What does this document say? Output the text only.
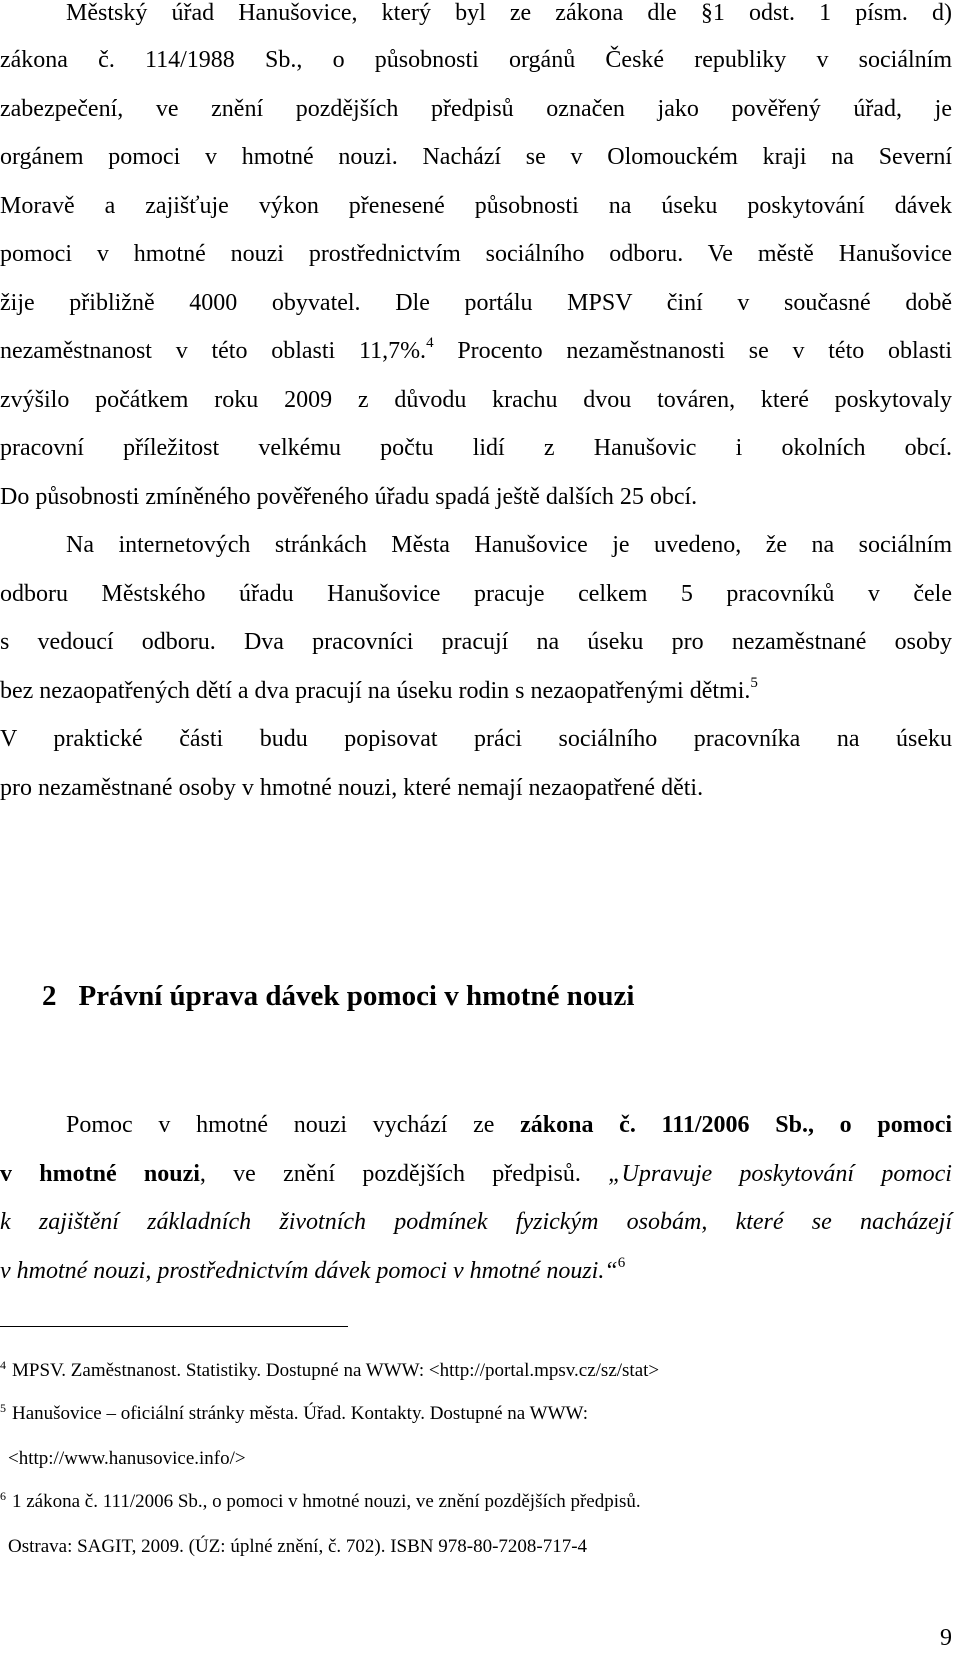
Městský úřad Hanušovice, který byl ze zákona dle §1 odst. 1 písm. d)
zákona č. 114/1988 Sb., o působnosti orgánů České republiky v sociálním
zabezpečení, ve znění pozdějších předpisů označen jako pověřený úřad, je
orgánem pomoci v hmotné nouzi. Nachází se v Olomouckém kraji na Severní
Moravě a zajišťuje výkon přenesené působnosti na úseku poskytování dávek
pomoci v hmotné nouzi prostřednictvím sociálního odboru. Ve městě Hanušovice
žije přibližně 4000 obyvatel. Dle portálu MPSV činí v současné době
nezaměstnanost v této oblasti 11,7%.$^4$ Procento nezaměstnanosti se v této oblasti
zvýšilo počátkem roku 2009 z důvodu krachu dvou továren, které poskytovaly
pracovní příležitost velkému počtu lidí z Hanušovic i okolních obcí.
Do působnosti zmíněného pověřeného úřadu spadá ještě dalších 25 obcí.
Na internetových stránkách Města Hanušovice je uvedeno, že na sociálním
odboru Městského úřadu Hanušovice pracuje celkem 5 pracovníků v čele
s vedoucí odboru. Dva pracovníci pracují na úseku pro nezaměstnané osoby
bez nezaopatřených dětí a dva pracují na úseku rodin s nezaopatřenými dětmi.$^5$
V praktické části budu popisovat práci sociálního pracovníka na úseku
pro nezaměstnané osoby v hmotné nouzi, které nemají nezaopatřené děti.
2 Právní úprava dávek pomoci v hmotné nouzi
Pomoc v hmotné nouzi vychází ze zákona č. 111/2006 Sb., o pomoci
v hmotné nouzi, ve znění pozdějších předpisů. „Upravuje poskytování pomoci
k zajištění základních životních podmínek fyzickým osobám, které se nacházejí
v hmotné nouzi, prostřednictvím dávek pomoci v hmotné nouzi.“$^6$
$^4$ MPSV. Zaměstnanost. Statistiky. Dostupné na WWW: <http://portal.mpsv.cz/sz/stat>
$^5$ Hanušovice – oficiální stránky města. Úřad. Kontakty. Dostupné na WWW:
<http://www.hanusovice.info/>
$^6$ 1 zákona č. 111/2006 Sb., o pomoci v hmotné nouzi, ve znění pozdějších předpisů.
Ostrava: SAGIT, 2009. (ÚZ: úplné znění, č. 702). ISBN 978-80-7208-717-4
9
